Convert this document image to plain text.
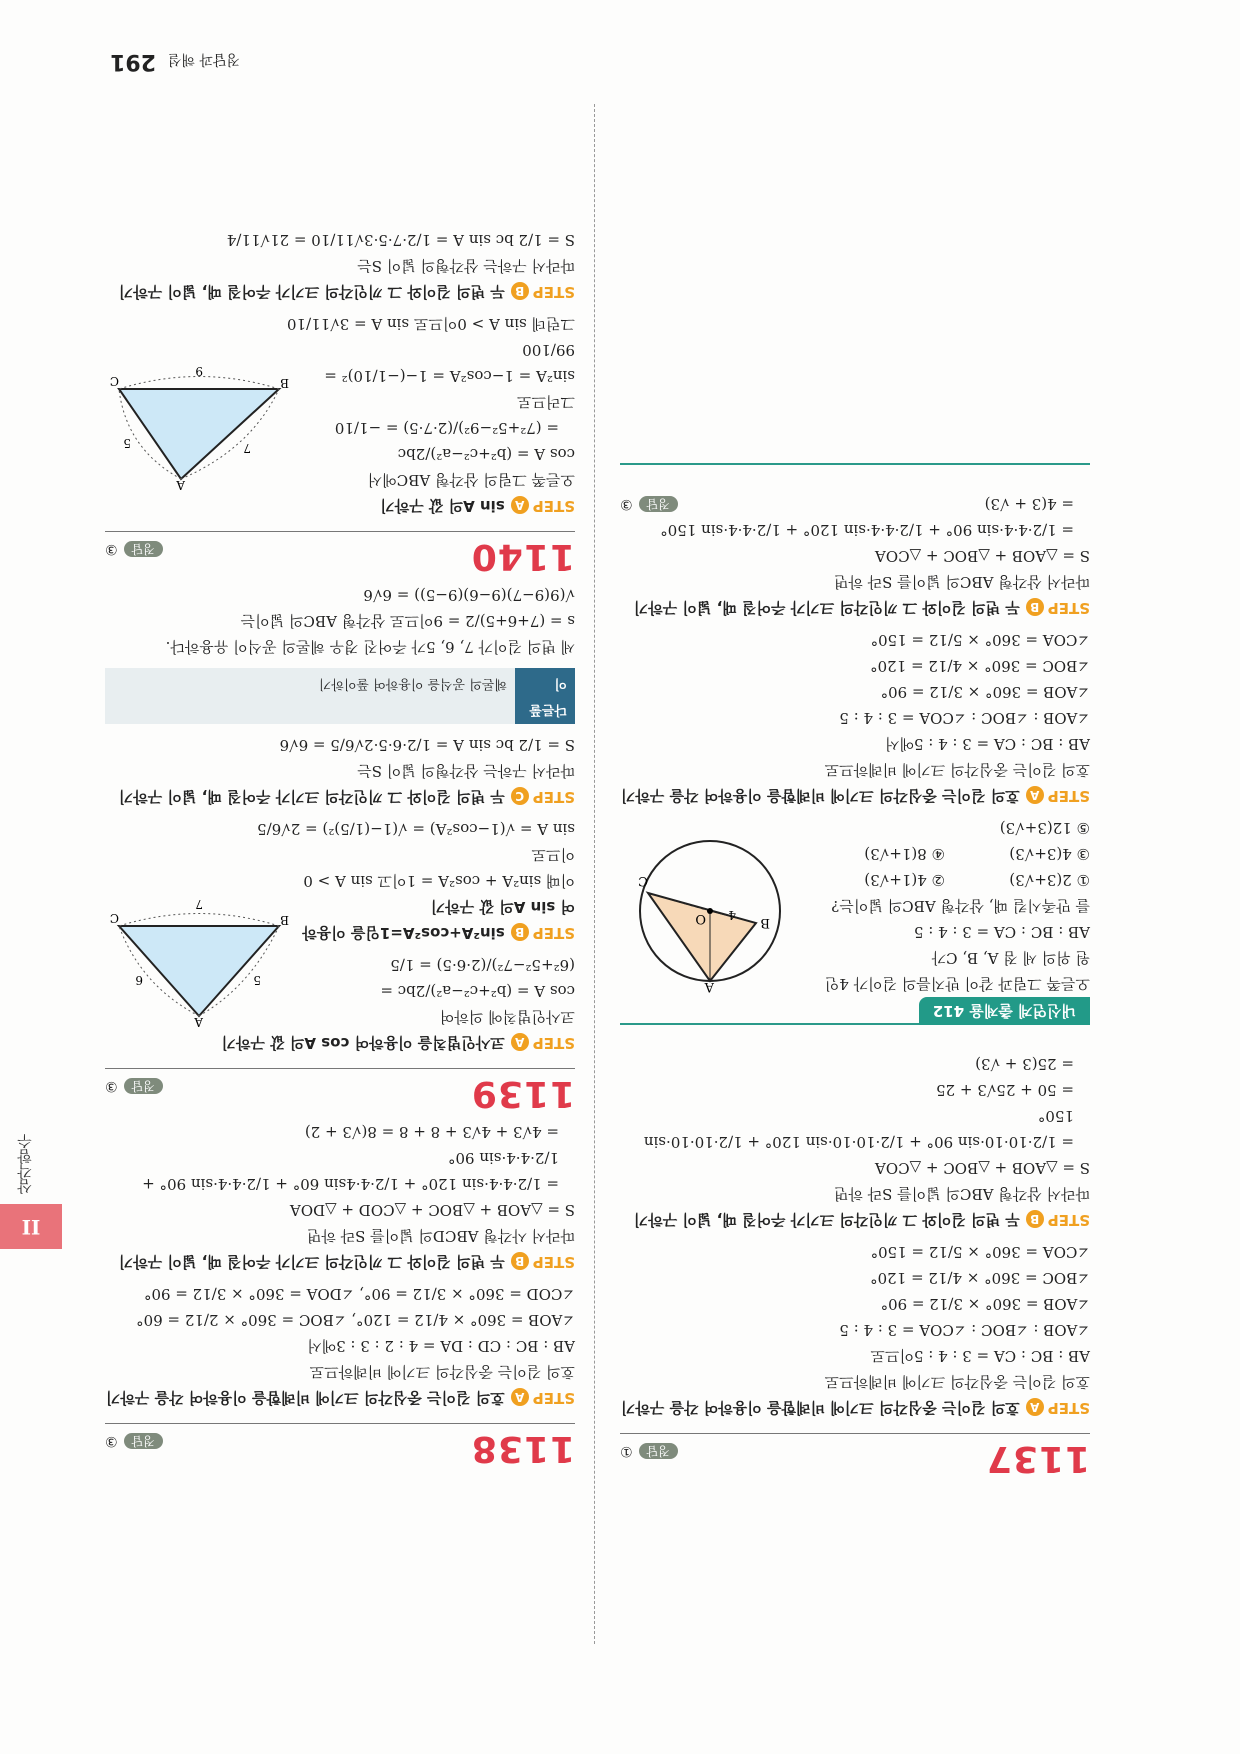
1137
정답①
STEPA호의 길이는 중심각의 크기에 비례함을 이용하여 각을 구하기
호의 길이는 중심각의 크기에 비례하므로
AB : BC : CA = 3 : 4 : 5이므로
∠AOB : ∠BOC : ∠COA = 3 : 4 : 5
∠AOB = 360° × 3/12 = 90°
∠BOC = 360° × 4/12 = 120°
∠COA = 360° × 5/12 = 150°
STEPB두 변의 길이와 그 끼인각의 크기가 주어질 때, 넓이 구하기
따라서 삼각형 ABC의 넓이를 S라 하면
S = △AOB + △BOC + △COA
= 1/2·10·10·sin 90° + 1/2·10·10·sin 120° + 1/2·10·10·sin 150°
= 50 + 25√3 + 25
= 25(3 + √3)
내신연계 출제율 412
A
B
C
O 4
오른쪽 그림과 같이 반지름의 길이가 4인
원 위의 세 점 A, B, C가
AB : BC : CA = 3 : 4 : 5
를 만족시킬 때, 삼각형 ABC의 넓이는?
① 2(3+√3)
② 4(1+√3)
③ 4(3+√3)
④ 8(1+√3)
⑤ 12(3+√3)
STEPA호의 길이는 중심각의 크기에 비례함을 이용하여 각을 구하기
호의 길이는 중심각의 크기에 비례하므로
AB : BC : CA = 3 : 4 : 5에서
∠AOB : ∠BOC : ∠COA = 3 : 4 : 5
∠AOB = 360° × 3/12 = 90°
∠BOC = 360° × 4/12 = 120°
∠COA = 360° × 5/12 = 150°
STEPB두 변의 길이와 그 끼인각의 크기가 주어질 때, 넓이 구하기
따라서 삼각형 ABC의 넓이를 S라 하면
S = △AOB + △BOC + △COA
= 1/2·4·4·sin 90° + 1/2·4·4·sin 120° + 1/2·4·4·sin 150°
= 4(3 + √3)
정답③
1138
정답③
STEPA호의 길이는 중심각의 크기에 비례함을 이용하여 각을 구하기
호의 길이는 중심각의 크기에 비례하므로
AB : BC : CD : DA = 4 : 2 : 3 : 3에서
∠AOB = 360° × 4/12 = 120°, ∠BOC = 360° × 2/12 = 60°
∠COD = 360° × 3/12 = 90°, ∠DOA = 360° × 3/12 = 90°
STEPB두 변의 길이와 그 끼인각의 크기가 주어질 때, 넓이 구하기
따라서 사각형 ABCD의 넓이를 S라 하면
S = △AOB + △BOC + △COD + △DOA
= 1/2·4·4·sin 120° + 1/2·4·4sin 60° + 1/2·4·4·sin 90° + 1/2·4·4·sin 90°
= 4√3 + 4√3 + 8 + 8 = 8(√3 + 2)
1139
정답③
STEPA코사인법칙을 이용하여 cos A의 값 구하기
A
B
C
5
6
7
코사인법칙에 의하여
cos A = (b²+c²−a²)/2bc = (6²+5²−7²)/(2·6·5) = 1/5
STEPBsin²A+cos²A=1임을 이용하여 sin A의 값 구하기
이때 sin²A + cos²A = 1이고 sin A > 0이므로
sin A = √(1−cos²A) = √(1−(1/5)²) = 2√6/5
STEPC두 변의 길이와 그 끼인각의 크기가 주어질 때, 넓이 구하기
따라서 구하는 삼각형의 넓이 S는
S = 1/2 bc sin A = 1/2·6·5·2√6/5 = 6√6
다른풀이헤론의 공식을 이용하여 풀이하기
세 변의 길이가 7, 6, 5가 주어진 경우 헤론의 공식이 유용하다.
s = (7+6+5)/2 = 9이므로 삼각형 ABC의 넓이는
√(9(9−7)(9−6)(9−5)) = 6√6
1140
정답③
STEPAsin A의 값 구하기
A
B
C
7
5
9
오른쪽 그림의 삼각형 ABC에서
cos A = (b²+c²−a²)/2bc
= (7²+5²−9²)/(2·7·5) = −1/10
그러므로
sin²A = 1−cos²A = 1−(−1/10)² = 99/100
그런데 sin A > 0이므로 sin A = 3√11/10
STEPB두 변의 길이와 그 끼인각의 크기가 주어질 때, 넓이 구하기
따라서 구하는 삼각형의 넓이 S는
S = 1/2 bc sin A = 1/2·7·5·3√11/10 = 21√11/4
II
삼각함수
정답과 해설291
